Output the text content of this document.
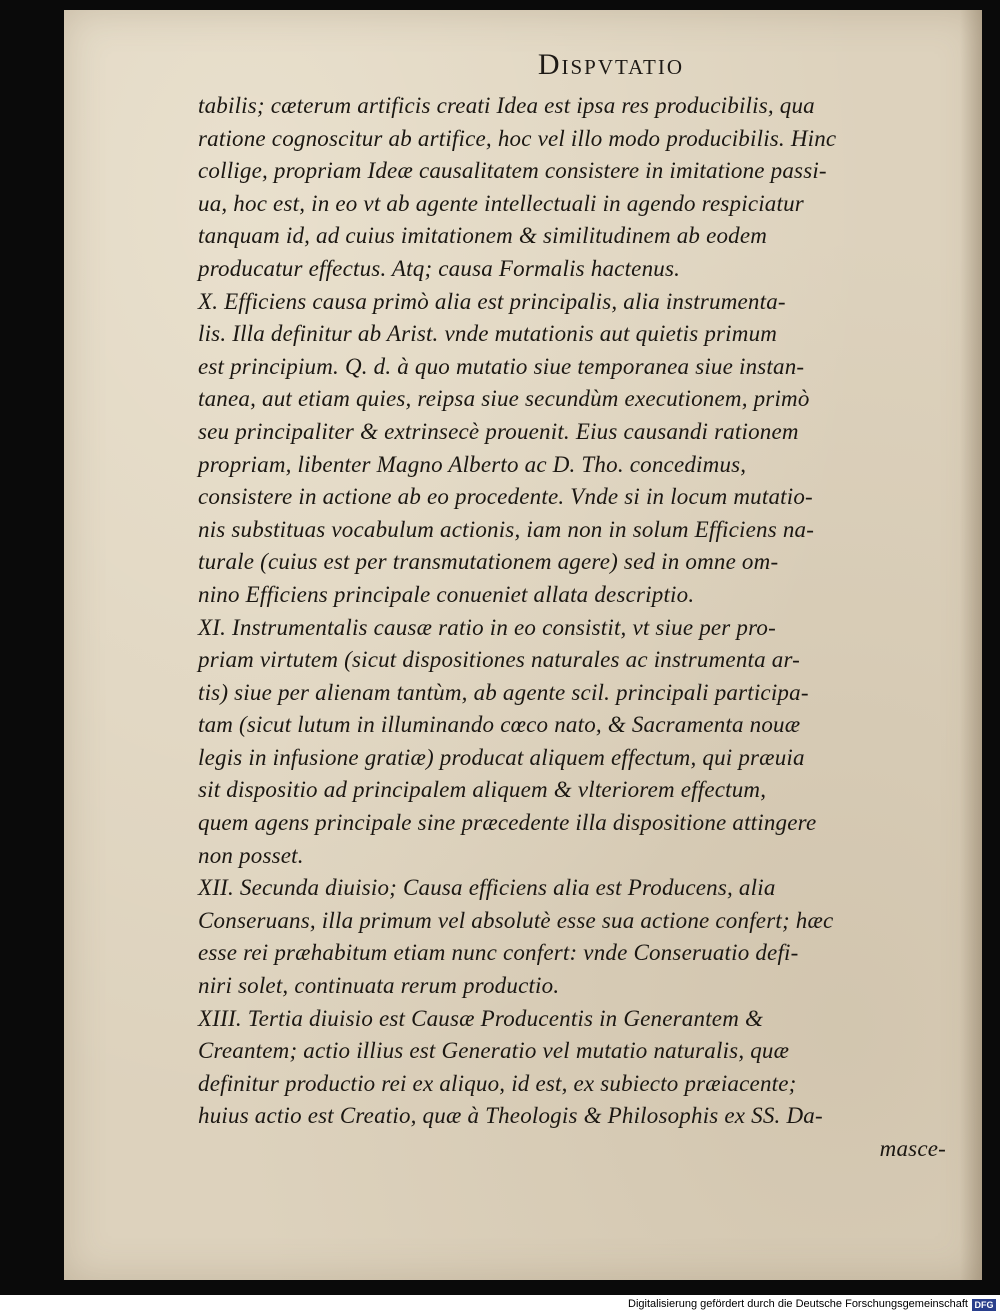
Dispvtatio
tabilis; cæterum artificis creati Idea est ipsa res producibilis, qua
ratione cognoscitur ab artifice, hoc vel illo modo producibilis. Hinc
collige, propriam Ideæ causalitatem consistere in imitatione passi-
ua, hoc est, in eo vt ab agente intellectuali in agendo respiciatur
tanquam id, ad cuius imitationem & similitudinem ab eodem
producatur effectus. Atq; causa Formalis hactenus.
X. Efficiens causa primò alia est principalis, alia instrumenta-
lis. Illa definitur ab Arist. vnde mutationis aut quietis primum
est principium. Q. d. à quo mutatio siue temporanea siue instan-
tanea, aut etiam quies, reipsa siue secundùm executionem, primò
seu principaliter & extrinsecè prouenit. Eius causandi rationem
propriam, libenter Magno Alberto ac D. Tho. concedimus,
consistere in actione ab eo procedente. Vnde si in locum mutatio-
nis substituas vocabulum actionis, iam non in solum Efficiens na-
turale (cuius est per transmutationem agere) sed in omne om-
nino Efficiens principale conueniet allata descriptio.
XI. Instrumentalis causæ ratio in eo consistit, vt siue per pro-
priam virtutem (sicut dispositiones naturales ac instrumenta ar-
tis) siue per alienam tantùm, ab agente scil. principali participa-
tam (sicut lutum in illuminando cœco nato, & Sacramenta nouæ
legis in infusione gratiæ) producat aliquem effectum, qui præuia
sit dispositio ad principalem aliquem & vlteriorem effectum,
quem agens principale sine præcedente illa dispositione attingere
non posset.
XII. Secunda diuisio; Causa efficiens alia est Producens, alia
Conseruans, illa primum vel absolutè esse sua actione confert; hæc
esse rei præhabitum etiam nunc confert: vnde Conseruatio defi-
niri solet, continuata rerum productio.
XIII. Tertia diuisio est Causæ Producentis in Generantem &
Creantem; actio illius est Generatio vel mutatio naturalis, quæ
definitur productio rei ex aliquo, id est, ex subiecto præiacente;
huius actio est Creatio, quæ à Theologis & Philosophis ex SS. Da-
masce-
Digitalisierung gefördert durch die Deutsche Forschungsgemeinschaft DFG
